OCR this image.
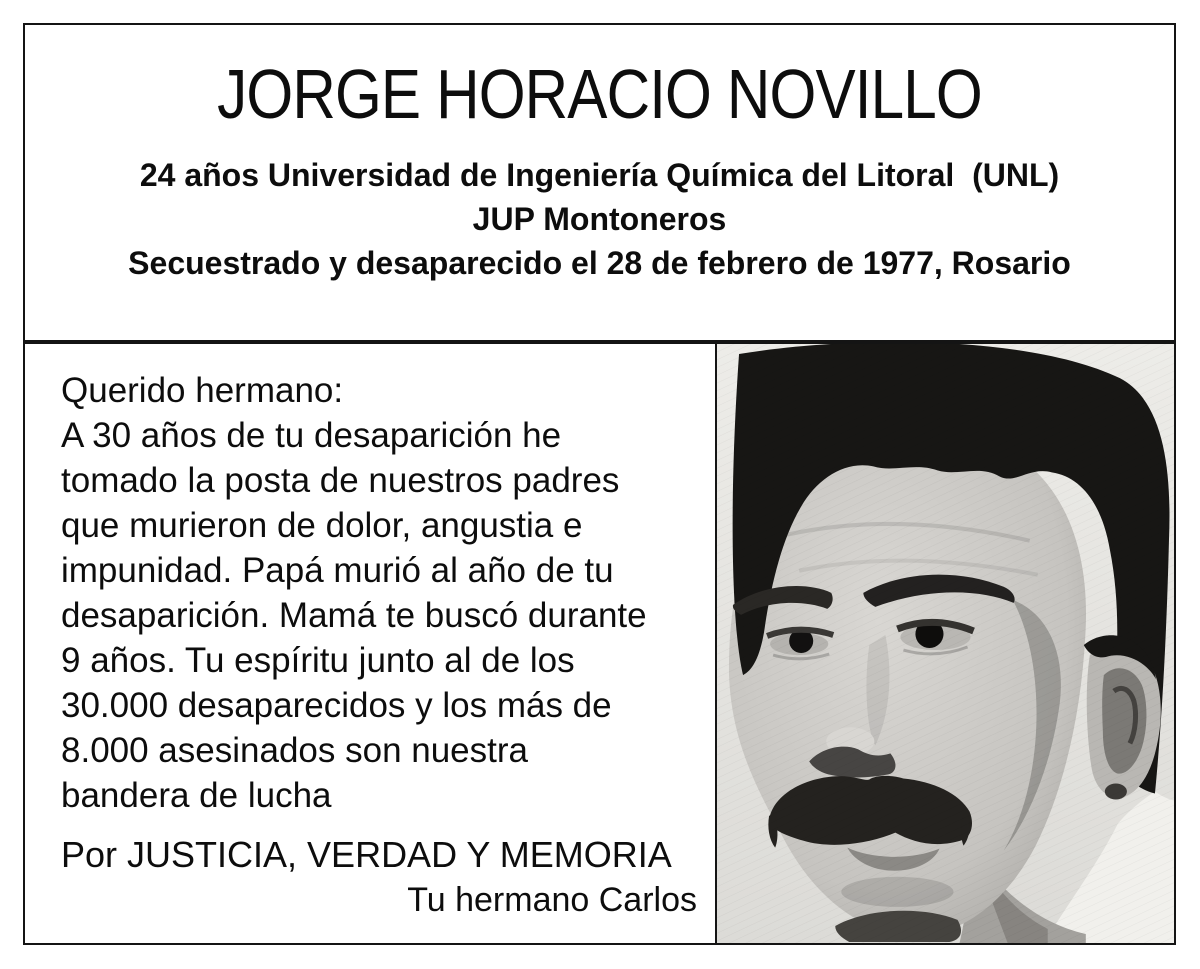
JORGE HORACIO NOVILLO
24 años Universidad de Ingeniería Química del Litoral  (UNL)
JUP Montoneros
Secuestrado y desaparecido el 28 de febrero de 1977, Rosario
Querido hermano:
A 30 años de tu desaparición he
tomado la posta de nuestros padres
que murieron de dolor, angustia e
impunidad. Papá murió al año de tu
desaparición. Mamá te buscó durante
9 años. Tu espíritu junto al de los
30.000 desaparecidos y los más de
8.000 asesinados son nuestra
bandera de lucha
Por JUSTICIA, VERDAD Y MEMORIA
Tu hermano Carlos
